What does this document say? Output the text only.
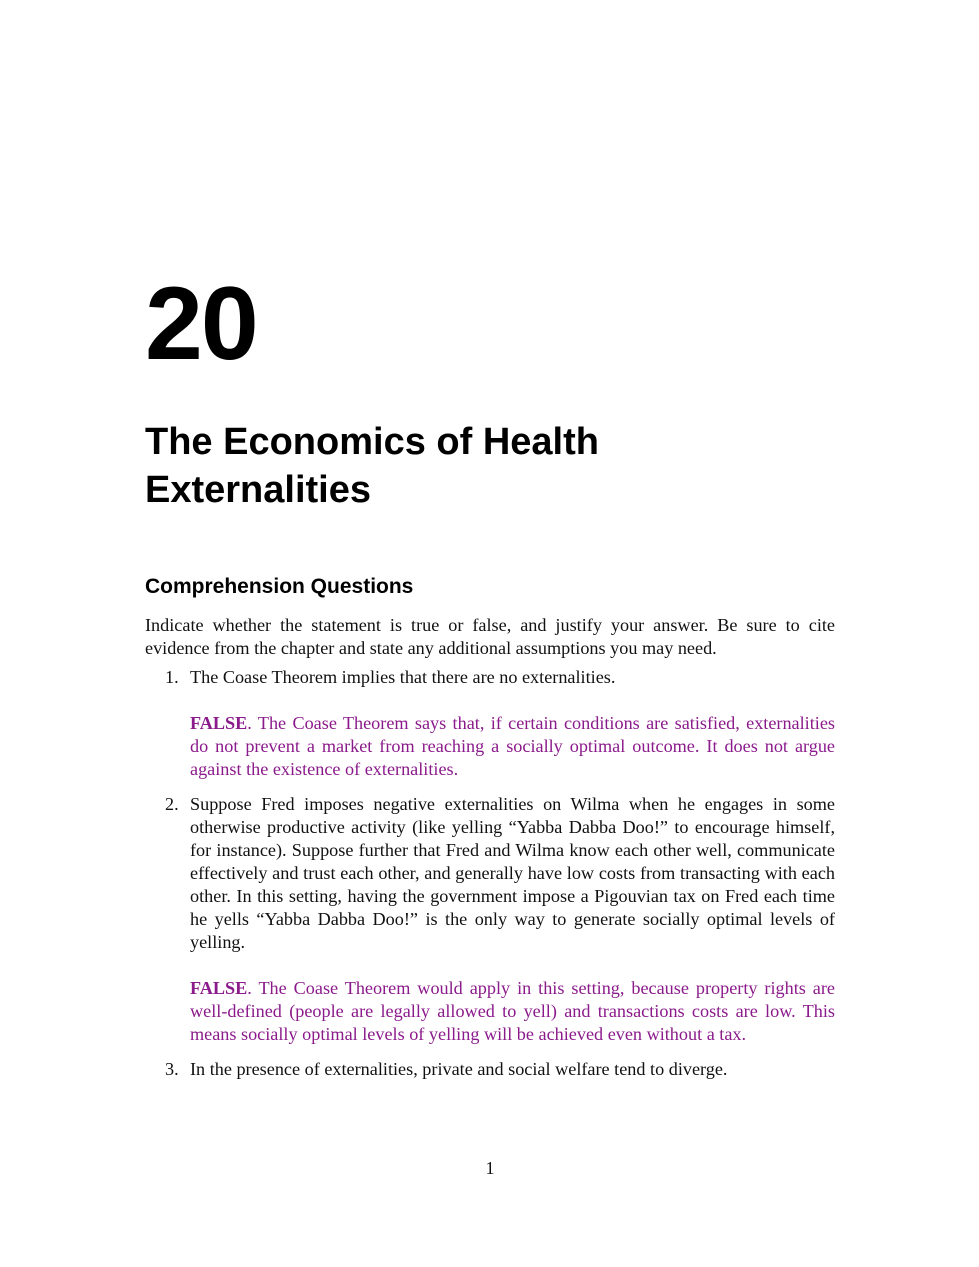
20
The Economics of Health Externalities
Comprehension Questions

Indicate whether the statement is true or false, and justify your answer. Be sure to cite evidence from the chapter and state any additional assumptions you may need.

1. The Coase Theorem implies that there are no externalities.

FALSE. The Coase Theorem says that, if certain conditions are satisfied, externalities do not prevent a market from reaching a socially optimal outcome. It does not argue against the existence of externalities.

2. Suppose Fred imposes negative externalities on Wilma when he engages in some otherwise productive activity (like yelling “Yabba Dabba Doo!” to encourage himself, for instance). Suppose further that Fred and Wilma know each other well, communicate effectively and trust each other, and generally have low costs from transacting with each other. In this setting, having the government impose a Pigouvian tax on Fred each time he yells “Yabba Dabba Doo!” is the only way to generate socially optimal levels of yelling.

FALSE. The Coase Theorem would apply in this setting, because property rights are well-defined (people are legally allowed to yell) and transactions costs are low. This means socially optimal levels of yelling will be achieved even without a tax.

3. In the presence of externalities, private and social welfare tend to diverge.

1
